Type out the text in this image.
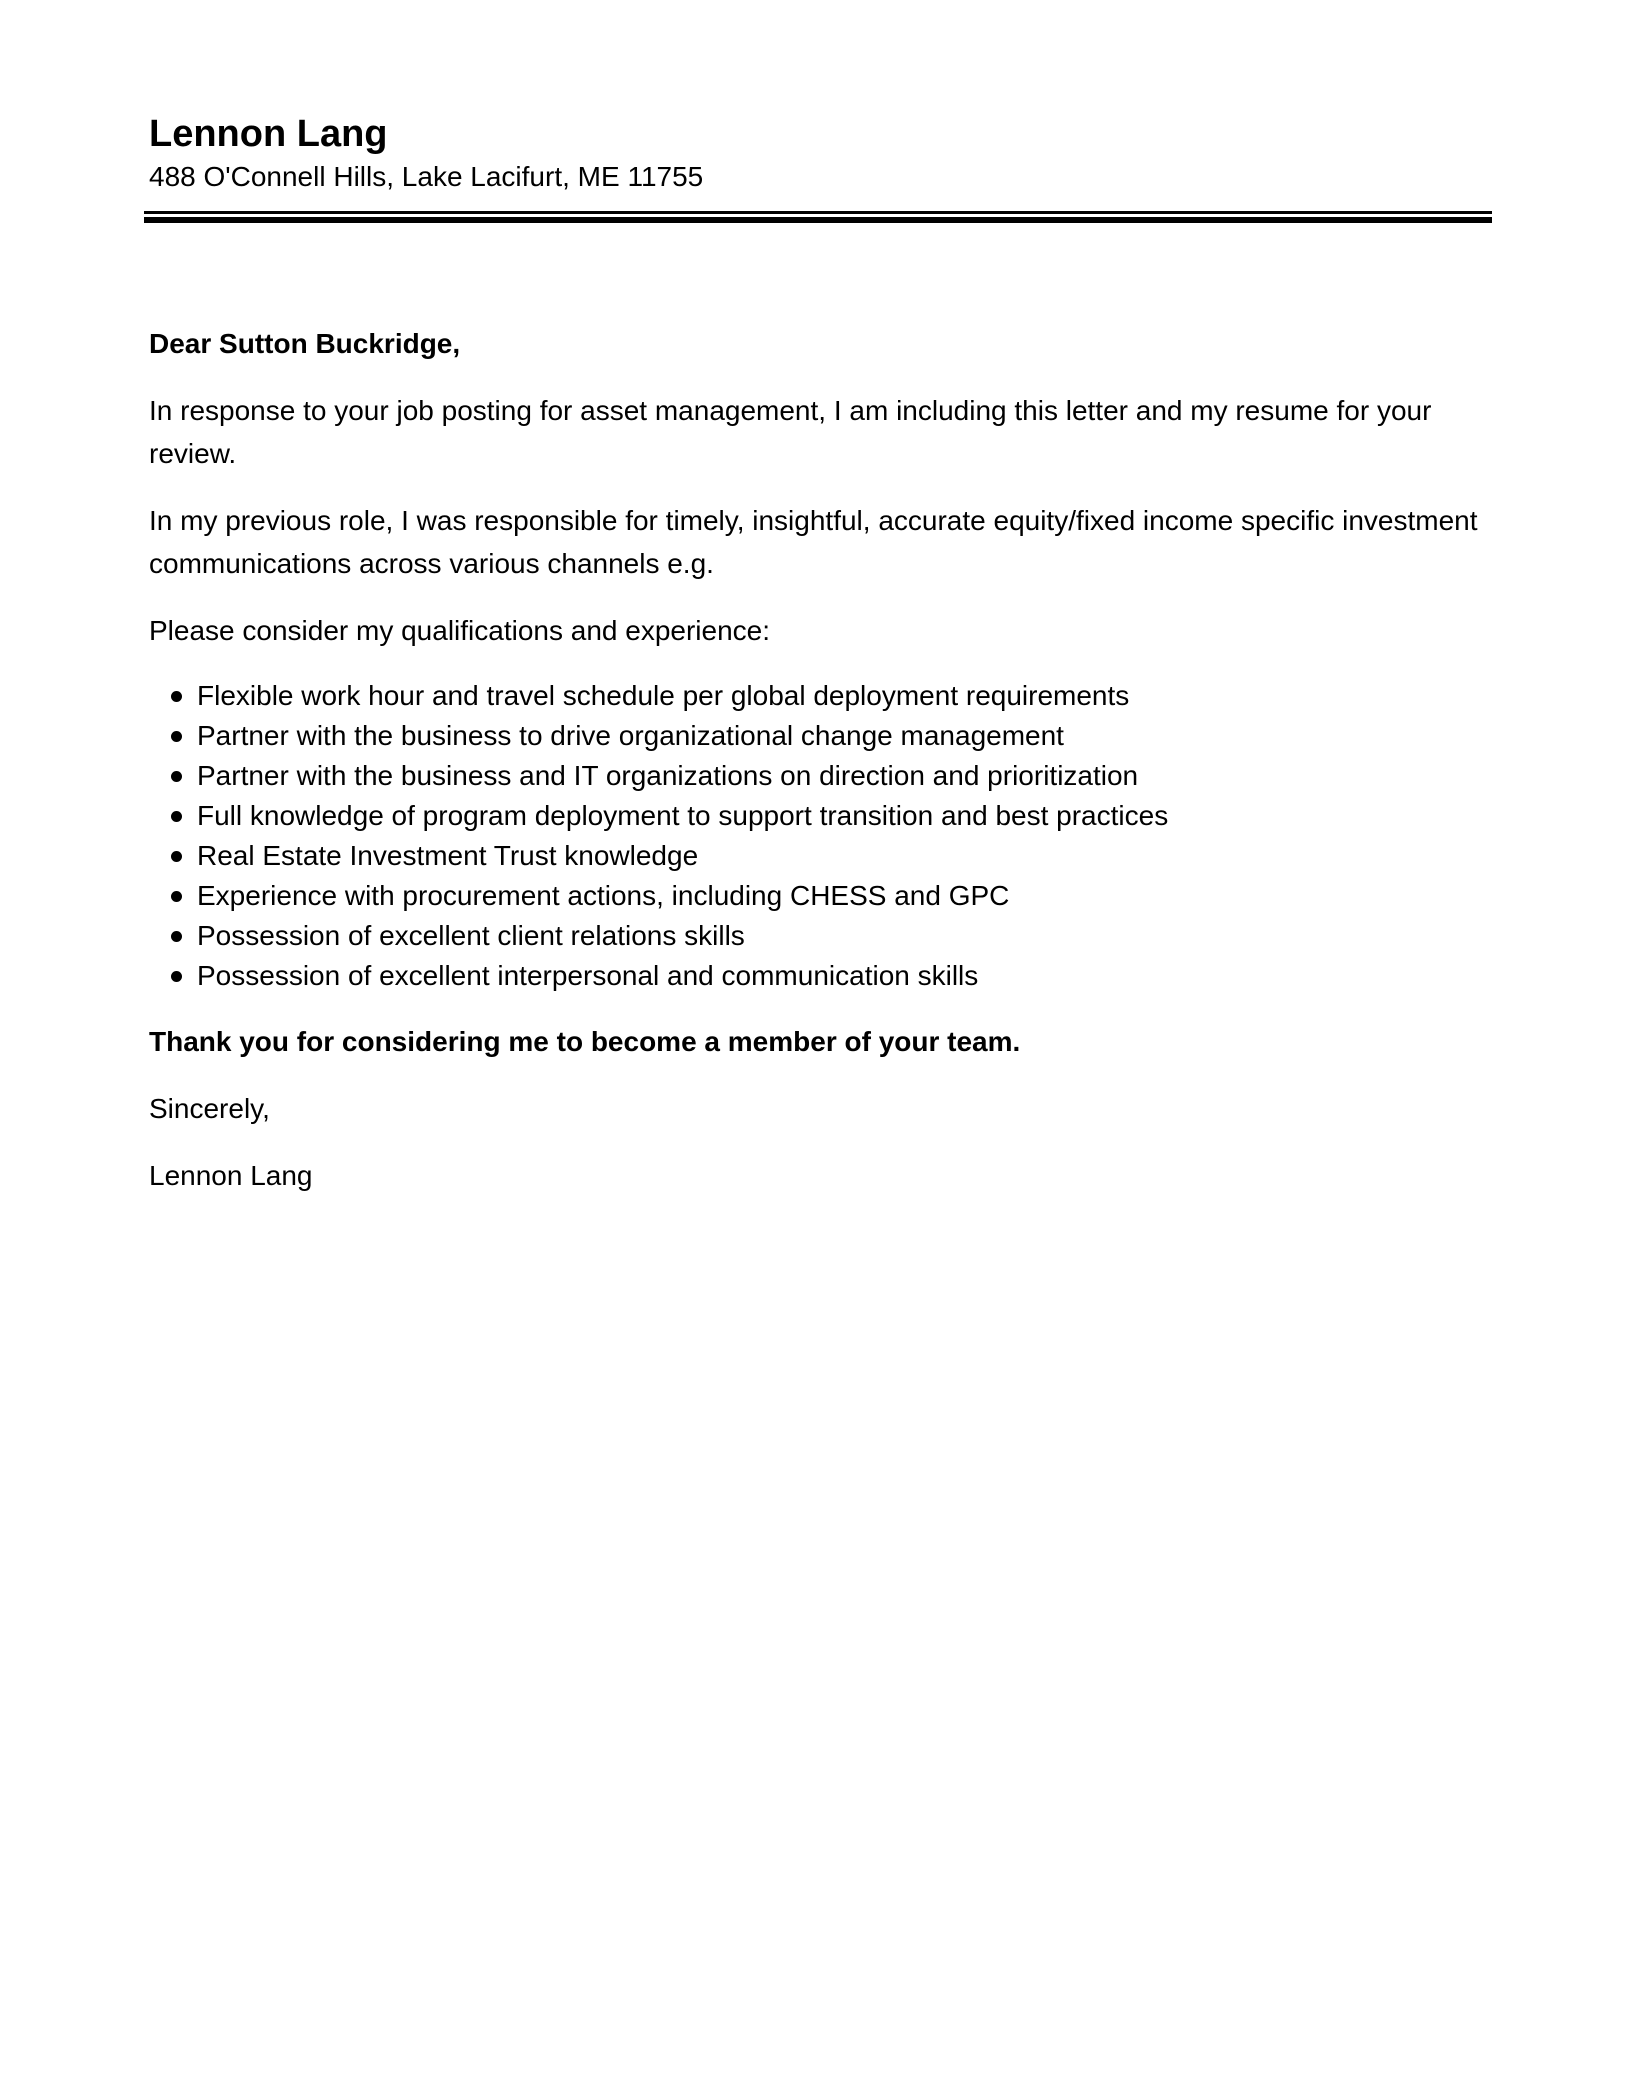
Lennon Lang

488 O'Connell Hills, Lake Lacifurt, ME 11755

Dear Sutton Buckridge,

In response to your job posting for asset management, I am including this letter and my resume for your review.

In my previous role, I was responsible for timely, insightful, accurate equity/fixed income specific investment communications across various channels e.g.

Please consider my qualifications and experience:

Flexible work hour and travel schedule per global deployment requirements
Partner with the business to drive organizational change management
Partner with the business and IT organizations on direction and prioritization
Full knowledge of program deployment to support transition and best practices
Real Estate Investment Trust knowledge
Experience with procurement actions, including CHESS and GPC
Possession of excellent client relations skills
Possession of excellent interpersonal and communication skills

Thank you for considering me to become a member of your team.

Sincerely,

Lennon Lang
